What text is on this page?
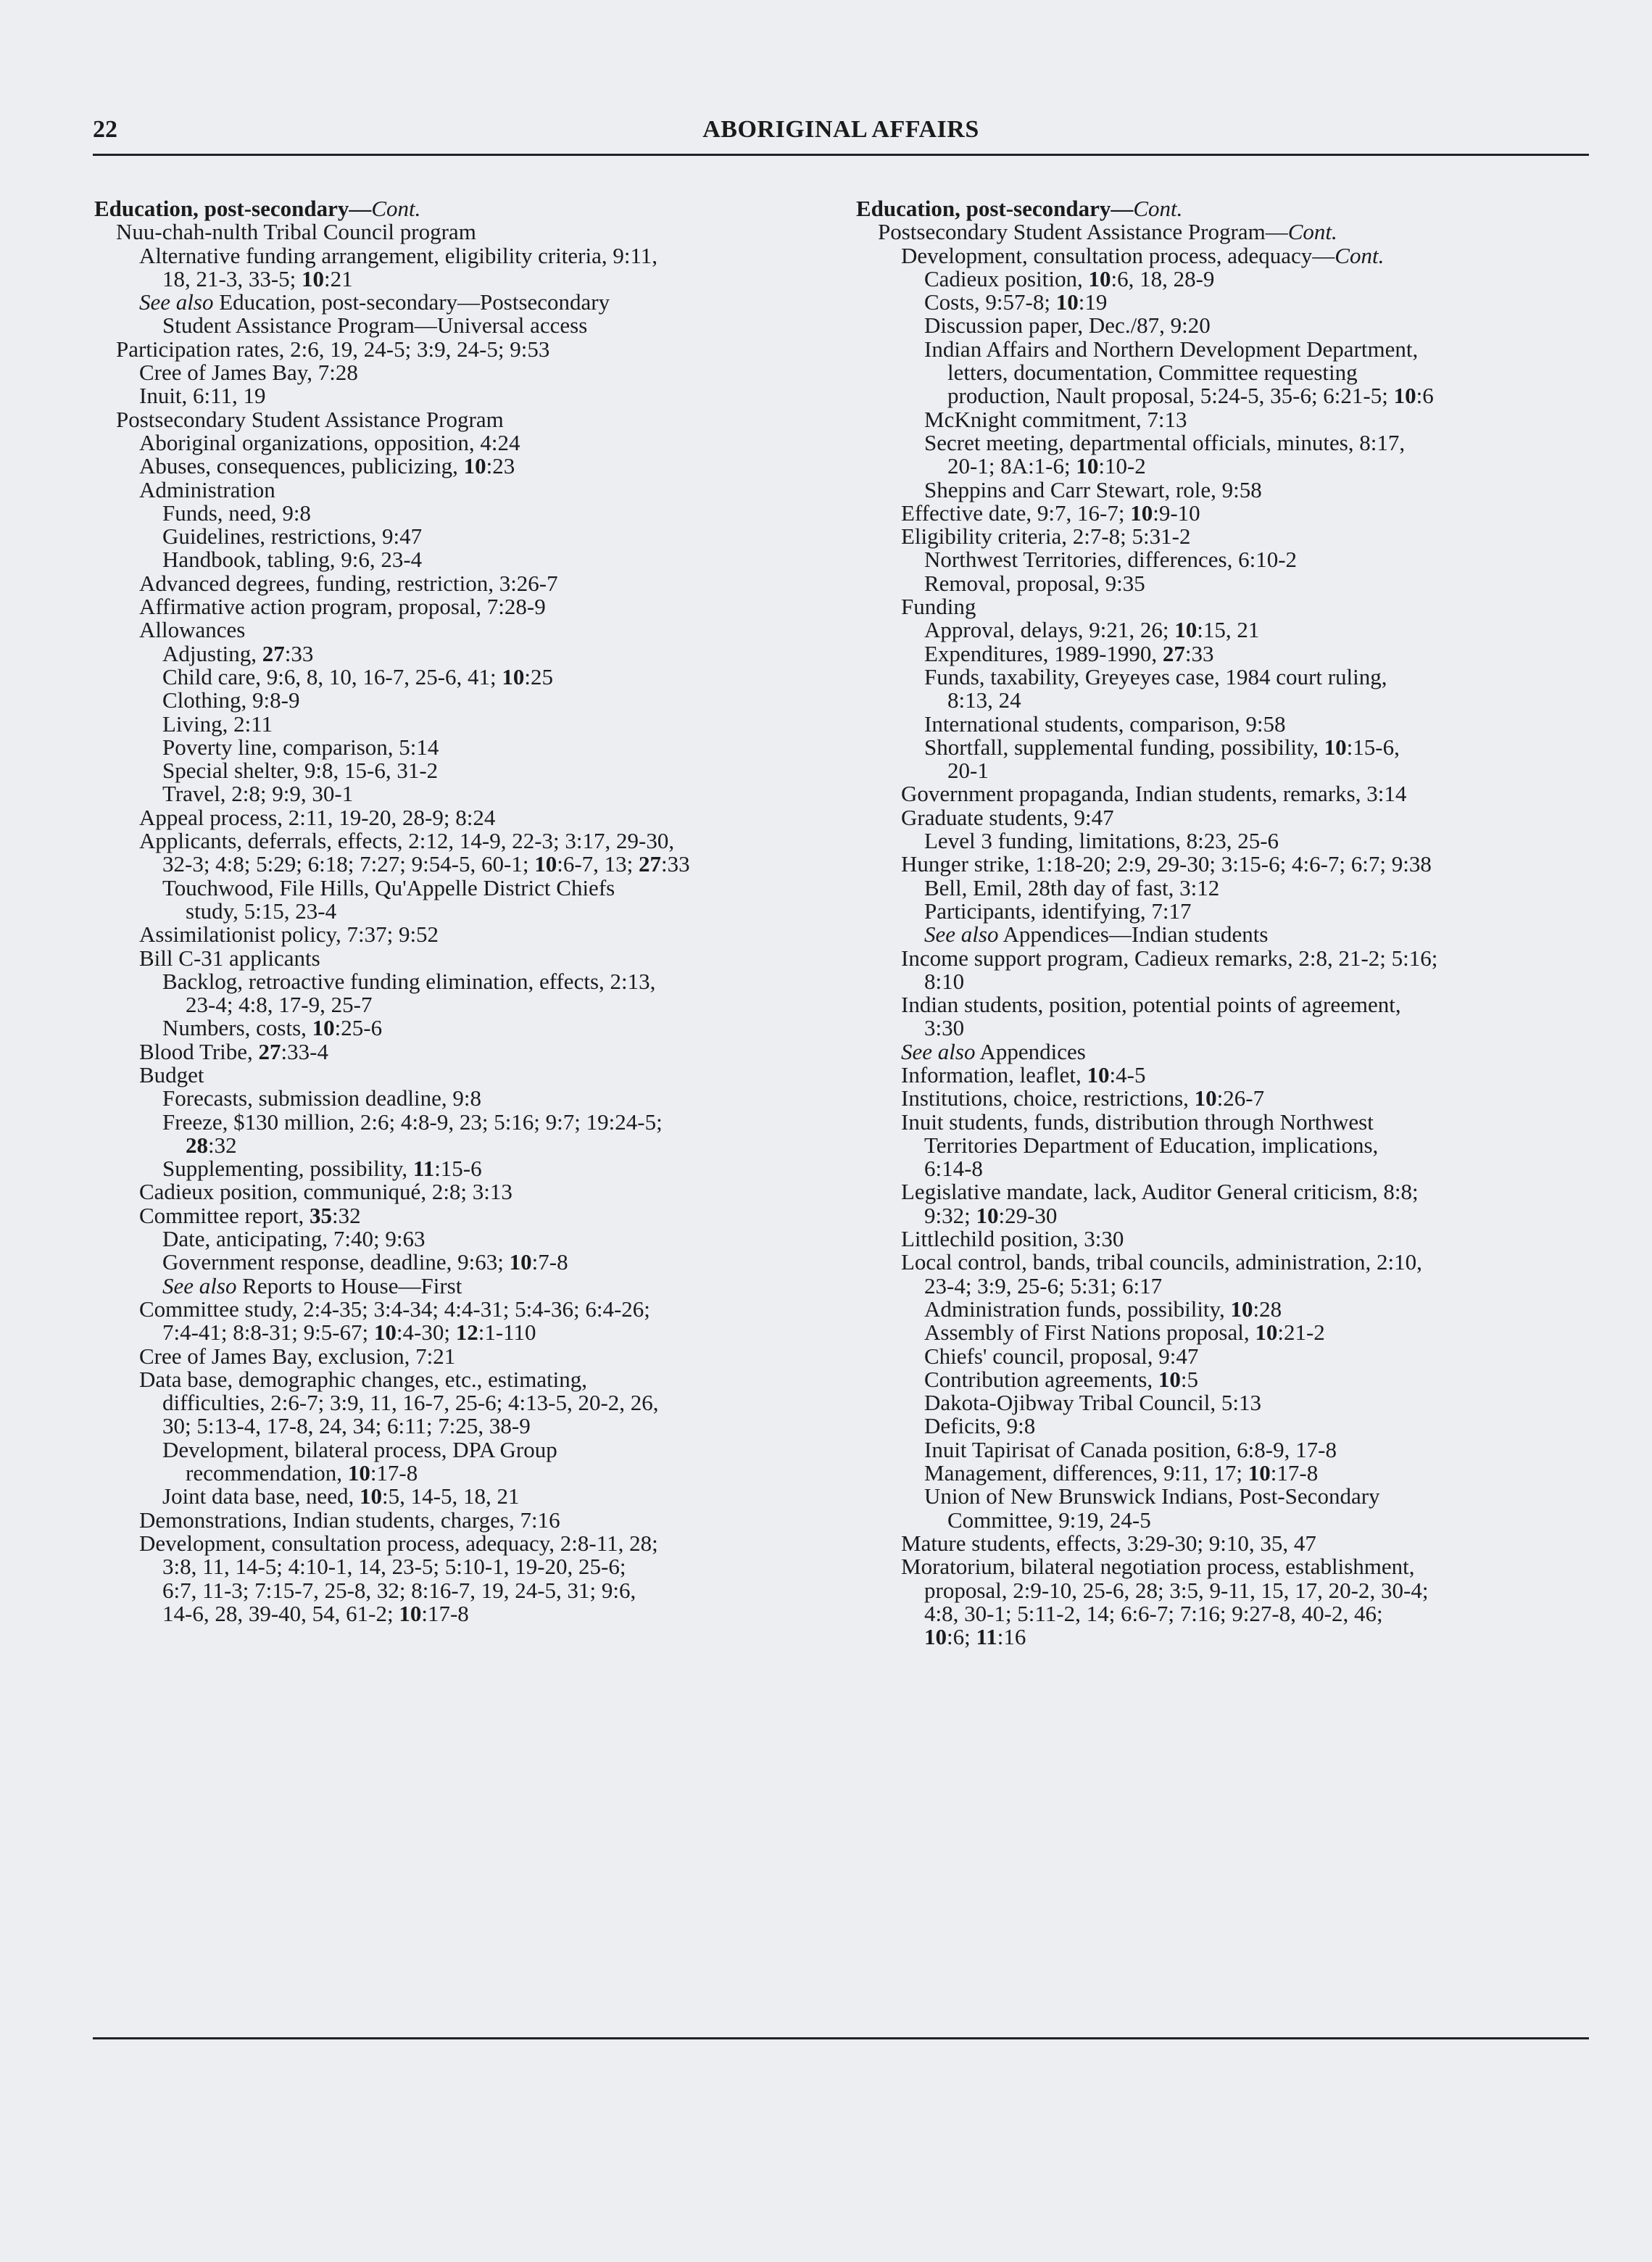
22	ABORIGINAL AFFAIRS
Education, post-secondary—Cont.
Nuu-chah-nulth Tribal Council program
Alternative funding arrangement, eligibility criteria, 9:11,
18, 21-3, 33-5; 10:21
See also Education, post-secondary—Postsecondary
Student Assistance Program—Universal access
Participation rates, 2:6, 19, 24-5; 3:9, 24-5; 9:53
Cree of James Bay, 7:28
Inuit, 6:11, 19
Postsecondary Student Assistance Program
Aboriginal organizations, opposition, 4:24
Abuses, consequences, publicizing, 10:23
Administration
Funds, need, 9:8
Guidelines, restrictions, 9:47
Handbook, tabling, 9:6, 23-4
Advanced degrees, funding, restriction, 3:26-7
Affirmative action program, proposal, 7:28-9
Allowances
Adjusting, 27:33
Child care, 9:6, 8, 10, 16-7, 25-6, 41; 10:25
Clothing, 9:8-9
Living, 2:11
Poverty line, comparison, 5:14
Special shelter, 9:8, 15-6, 31-2
Travel, 2:8; 9:9, 30-1
Appeal process, 2:11, 19-20, 28-9; 8:24
Applicants, deferrals, effects, 2:12, 14-9, 22-3; 3:17, 29-30,
32-3; 4:8; 5:29; 6:18; 7:27; 9:54-5, 60-1; 10:6-7, 13; 27:33
Touchwood, File Hills, Qu'Appelle District Chiefs
study, 5:15, 23-4
Assimilationist policy, 7:37; 9:52
Bill C-31 applicants
Backlog, retroactive funding elimination, effects, 2:13,
23-4; 4:8, 17-9, 25-7
Numbers, costs, 10:25-6
Blood Tribe, 27:33-4
Budget
Forecasts, submission deadline, 9:8
Freeze, $130 million, 2:6; 4:8-9, 23; 5:16; 9:7; 19:24-5;
28:32
Supplementing, possibility, 11:15-6
Cadieux position, communiqué, 2:8; 3:13
Committee report, 35:32
Date, anticipating, 7:40; 9:63
Government response, deadline, 9:63; 10:7-8
See also Reports to House—First
Committee study, 2:4-35; 3:4-34; 4:4-31; 5:4-36; 6:4-26;
7:4-41; 8:8-31; 9:5-67; 10:4-30; 12:1-110
Cree of James Bay, exclusion, 7:21
Data base, demographic changes, etc., estimating,
difficulties, 2:6-7; 3:9, 11, 16-7, 25-6; 4:13-5, 20-2, 26,
30; 5:13-4, 17-8, 24, 34; 6:11; 7:25, 38-9
Development, bilateral process, DPA Group
recommendation, 10:17-8
Joint data base, need, 10:5, 14-5, 18, 21
Demonstrations, Indian students, charges, 7:16
Development, consultation process, adequacy, 2:8-11, 28;
3:8, 11, 14-5; 4:10-1, 14, 23-5; 5:10-1, 19-20, 25-6;
6:7, 11-3; 7:15-7, 25-8, 32; 8:16-7, 19, 24-5, 31; 9:6,
14-6, 28, 39-40, 54, 61-2; 10:17-8
Education, post-secondary—Cont.
Postsecondary Student Assistance Program—Cont.
Development, consultation process, adequacy—Cont.
Cadieux position, 10:6, 18, 28-9
Costs, 9:57-8; 10:19
Discussion paper, Dec./87, 9:20
Indian Affairs and Northern Development Department,
letters, documentation, Committee requesting
production, Nault proposal, 5:24-5, 35-6; 6:21-5; 10:6
McKnight commitment, 7:13
Secret meeting, departmental officials, minutes, 8:17,
20-1; 8A:1-6; 10:10-2
Sheppins and Carr Stewart, role, 9:58
Effective date, 9:7, 16-7; 10:9-10
Eligibility criteria, 2:7-8; 5:31-2
Northwest Territories, differences, 6:10-2
Removal, proposal, 9:35
Funding
Approval, delays, 9:21, 26; 10:15, 21
Expenditures, 1989-1990, 27:33
Funds, taxability, Greyeyes case, 1984 court ruling,
8:13, 24
International students, comparison, 9:58
Shortfall, supplemental funding, possibility, 10:15-6,
20-1
Government propaganda, Indian students, remarks, 3:14
Graduate students, 9:47
Level 3 funding, limitations, 8:23, 25-6
Hunger strike, 1:18-20; 2:9, 29-30; 3:15-6; 4:6-7; 6:7; 9:38
Bell, Emil, 28th day of fast, 3:12
Participants, identifying, 7:17
See also Appendices—Indian students
Income support program, Cadieux remarks, 2:8, 21-2; 5:16;
8:10
Indian students, position, potential points of agreement,
3:30
See also Appendices
Information, leaflet, 10:4-5
Institutions, choice, restrictions, 10:26-7
Inuit students, funds, distribution through Northwest
Territories Department of Education, implications,
6:14-8
Legislative mandate, lack, Auditor General criticism, 8:8;
9:32; 10:29-30
Littlechild position, 3:30
Local control, bands, tribal councils, administration, 2:10,
23-4; 3:9, 25-6; 5:31; 6:17
Administration funds, possibility, 10:28
Assembly of First Nations proposal, 10:21-2
Chiefs' council, proposal, 9:47
Contribution agreements, 10:5
Dakota-Ojibway Tribal Council, 5:13
Deficits, 9:8
Inuit Tapirisat of Canada position, 6:8-9, 17-8
Management, differences, 9:11, 17; 10:17-8
Union of New Brunswick Indians, Post-Secondary
Committee, 9:19, 24-5
Mature students, effects, 3:29-30; 9:10, 35, 47
Moratorium, bilateral negotiation process, establishment,
proposal, 2:9-10, 25-6, 28; 3:5, 9-11, 15, 17, 20-2, 30-4;
4:8, 30-1; 5:11-2, 14; 6:6-7; 7:16; 9:27-8, 40-2, 46;
10:6; 11:16
